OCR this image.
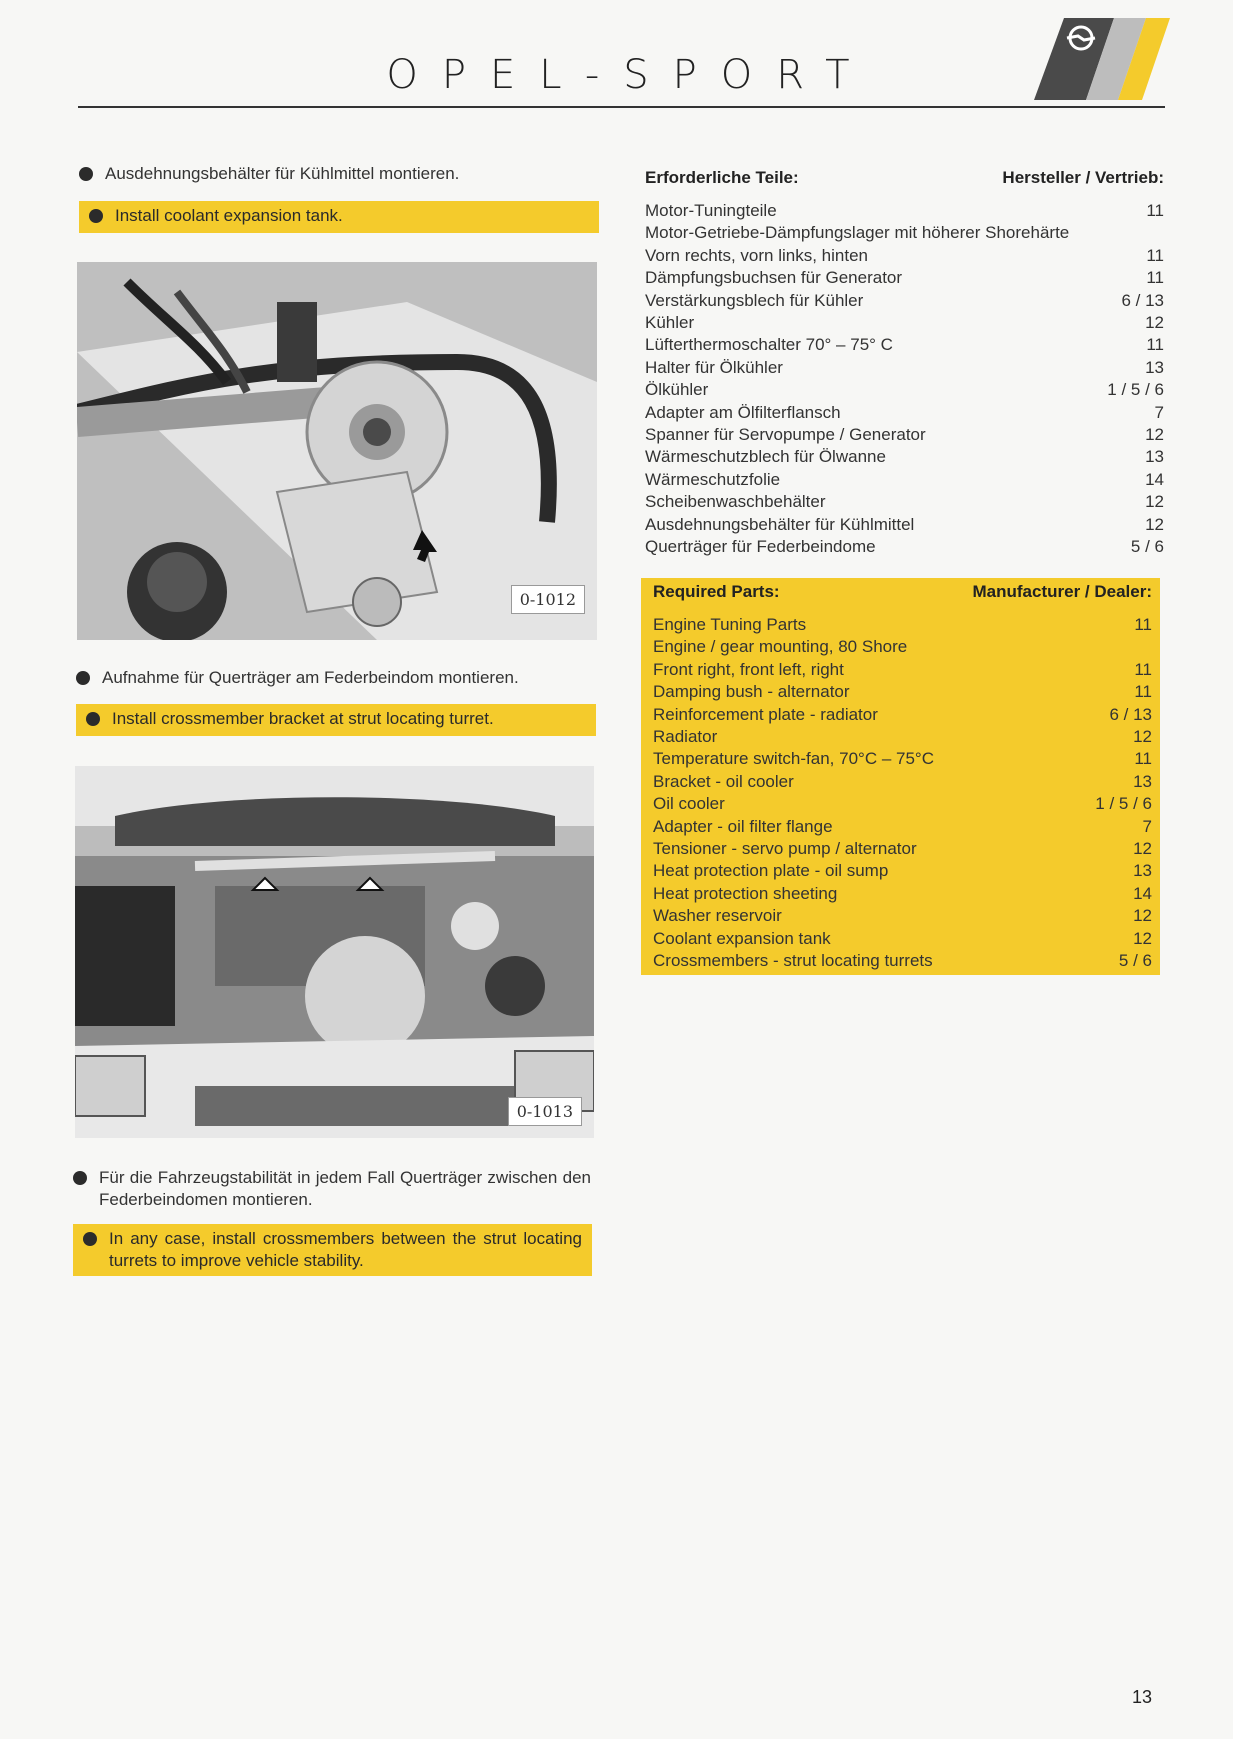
OPEL-SPORT
Ausdehnungsbehälter für Kühlmittel montieren.
Install coolant expansion tank.
0-1012
Aufnahme für Querträger am Federbeindom montieren.
Install crossmember bracket at strut locating turret.
0-1013
Für die Fahrzeugstabilität in jedem Fall Querträger zwischen den Federbeindomen montieren.
In any case, install crossmembers between the strut locating turrets to improve vehicle stability.
Erforderliche Teile:	Hersteller / Vertrieb:
Motor-Tuningteile	11
Motor-Getriebe-Dämpfungslager mit höherer Shorehärte
Vorn rechts, vorn links, hinten	11
Dämpfungsbuchsen für Generator	11
Verstärkungsblech für Kühler	6 / 13
Kühler	12
Lüfterthermoschalter 70° – 75° C	11
Halter für Ölkühler	13
Ölkühler	1 / 5 / 6
Adapter am Ölfilterflansch	7
Spanner für Servopumpe / Generator	12
Wärmeschutzblech für Ölwanne	13
Wärmeschutzfolie	14
Scheibenwaschbehälter	12
Ausdehnungsbehälter für Kühlmittel	12
Querträger für Federbeindome	5 / 6
Required Parts:	Manufacturer / Dealer:
Engine Tuning Parts	11
Engine / gear mounting, 80 Shore
Front right, front left, right	11
Damping bush - alternator	11
Reinforcement plate - radiator	6 / 13
Radiator	12
Temperature switch-fan, 70°C – 75°C	11
Bracket - oil cooler	13
Oil cooler	1 / 5 / 6
Adapter - oil filter flange	7
Tensioner - servo pump / alternator	12
Heat protection plate - oil sump	13
Heat protection sheeting	14
Washer reservoir	12
Coolant expansion tank	12
Crossmembers - strut locating turrets	5 / 6
13
